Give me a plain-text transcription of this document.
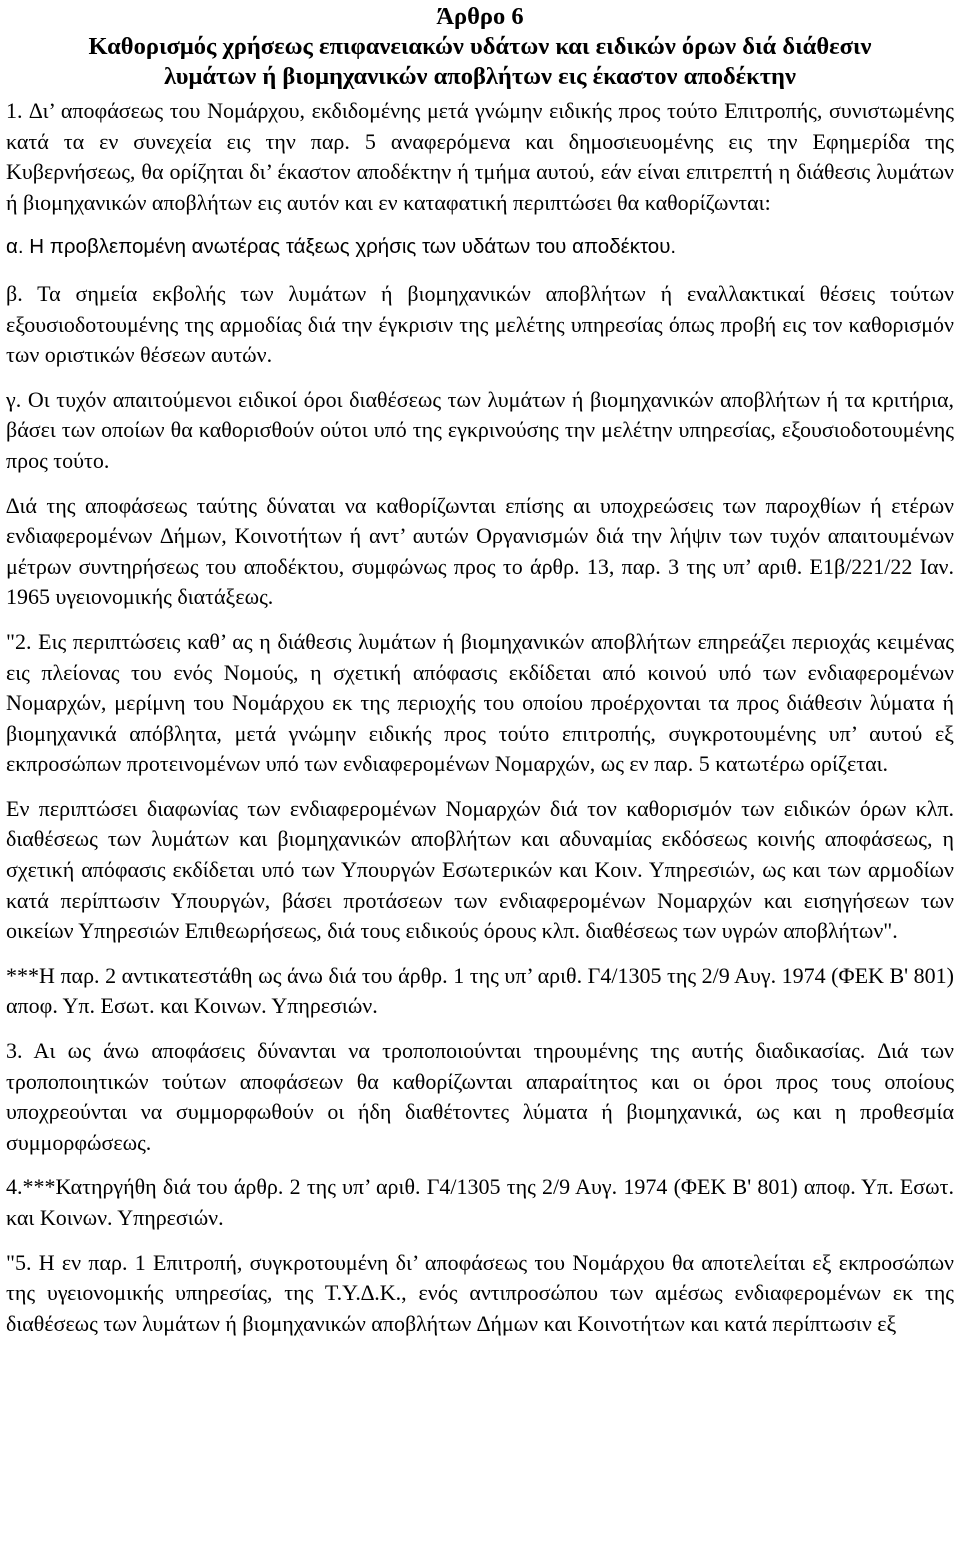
Άρθρο 6
Καθορισμός χρήσεως επιφανειακών υδάτων και ειδικών όρων διά διάθεσιν
λυμάτων ή βιομηχανικών αποβλήτων εις έκαστον αποδέκτην

1. ∆ι’ αποφάσεως του Νομάρχου, εκδιδομένης μετά γνώμην ειδικής προς τούτο Επιτροπής, συνιστωμένης κατά τα εν συνεχεία εις την παρ. 5 αναφερόμενα και δημοσιευομένης εις την Εφημερίδα της Κυβερνήσεως, θα ορίζηται δι’ έκαστον αποδέκτην ή τμήμα αυτού, εάν είναι επιτρεπτή η διάθεσις λυμάτων ή βιομηχανικών αποβλήτων εις αυτόν και εν καταφατική περιπτώσει θα καθορίζωνται:

α. Η προβλεπομένη ανωτέρας τάξεως χρήσις των υδάτων του αποδέκτου.

β. Τα σημεία εκβολής των λυμάτων ή βιομηχανικών αποβλήτων ή εναλλακτικαί θέσεις τούτων εξουσιοδοτουμένης της αρμοδίας διά την έγκρισιν της μελέτης υπηρεσίας όπως προβή εις τον καθορισμόν των οριστικών θέσεων αυτών.

γ. Οι τυχόν απαιτούμενοι ειδικοί όροι διαθέσεως των λυμάτων ή βιομηχανικών αποβλήτων ή τα κριτήρια, βάσει των οποίων θα καθορισθούν ούτοι υπό της εγκρινούσης την μελέτην υπηρεσίας, εξουσιοδοτουμένης προς τούτο.

∆ιά της αποφάσεως ταύτης δύναται να καθορίζωνται επίσης αι υποχρεώσεις των παροχθίων ή ετέρων ενδιαφερομένων ∆ήμων, Κοινοτήτων ή αντ’ αυτών Οργανισμών διά την λήψιν των τυχόν απαιτουμένων μέτρων συντηρήσεως του αποδέκτου, συμφώνως προς το άρθρ. 13, παρ. 3 της υπ’ αριθ. Ε1β/221/22 Ιαν. 1965 υγειονομικής διατάξεως.

"2. Εις περιπτώσεις καθ’ ας η διάθεσις λυμάτων ή βιομηχανικών αποβλήτων επηρεάζει περιοχάς κειμένας εις πλείονας του ενός Νομούς, η σχετική απόφασις εκδίδεται από κοινού υπό των ενδιαφερομένων Νομαρχών, μερίμνη του Νομάρχου εκ της περιοχής του οποίου προέρχονται τα προς διάθεσιν λύματα ή βιομηχανικά απόβλητα, μετά γνώμην ειδικής προς τούτο επιτροπής, συγκροτουμένης υπ’ αυτού εξ εκπροσώπων προτεινομένων υπό των ενδιαφερομένων Νομαρχών, ως εν παρ. 5 κατωτέρω ορίζεται.

Εν περιπτώσει διαφωνίας των ενδιαφερομένων Νομαρχών διά τον καθορισμόν των ειδικών όρων κλπ. διαθέσεως των λυμάτων και βιομηχανικών αποβλήτων και αδυναμίας εκδόσεως κοινής αποφάσεως, η σχετική απόφασις εκδίδεται υπό των Υπουργών Εσωτερικών και Κοιν. Υπηρεσιών, ως και των αρμοδίων κατά περίπτωσιν Υπουργών, βάσει προτάσεων των ενδιαφερομένων Νομαρχών και εισηγήσεων των οικείων Υπηρεσιών Επιθεωρήσεως, διά τους ειδικούς όρους κλπ. διαθέσεως των υγρών αποβλήτων".

***Η παρ. 2 αντικατεστάθη ως άνω διά του άρθρ. 1 της υπ’ αριθ. Γ4/1305 της 2/9 Αυγ. 1974 (ΦΕΚ Β' 801) αποφ. Υπ. Εσωτ. και Κοινων. Υπηρεσιών.

3. Αι ως άνω αποφάσεις δύνανται να τροποποιούνται τηρουμένης της αυτής διαδικασίας. ∆ιά των τροποποιητικών τούτων αποφάσεων θα καθορίζωνται απαραίτητος και οι όροι προς τους οποίους υποχρεούνται να συμμορφωθούν οι ήδη διαθέτοντες λύματα ή βιομηχανικά, ως και η προθεσμία συμμορφώσεως.

4.***Κατηργήθη διά του άρθρ. 2 της υπ’ αριθ. Γ4/1305 της 2/9 Αυγ. 1974 (ΦΕΚ Β' 801) αποφ. Υπ. Εσωτ. και Κοινων. Υπηρεσιών.

"5. Η εν παρ. 1 Επιτροπή, συγκροτουμένη δι’ αποφάσεως του Νομάρχου θα αποτελείται εξ εκπροσώπων της υγειονομικής υπηρεσίας, της Τ.Υ.∆.Κ., ενός αντιπροσώπου των αμέσως ενδιαφερομένων εκ της διαθέσεως των λυμάτων ή βιομηχανικών αποβλήτων ∆ήμων και Κοινοτήτων και κατά περίπτωσιν εξ
